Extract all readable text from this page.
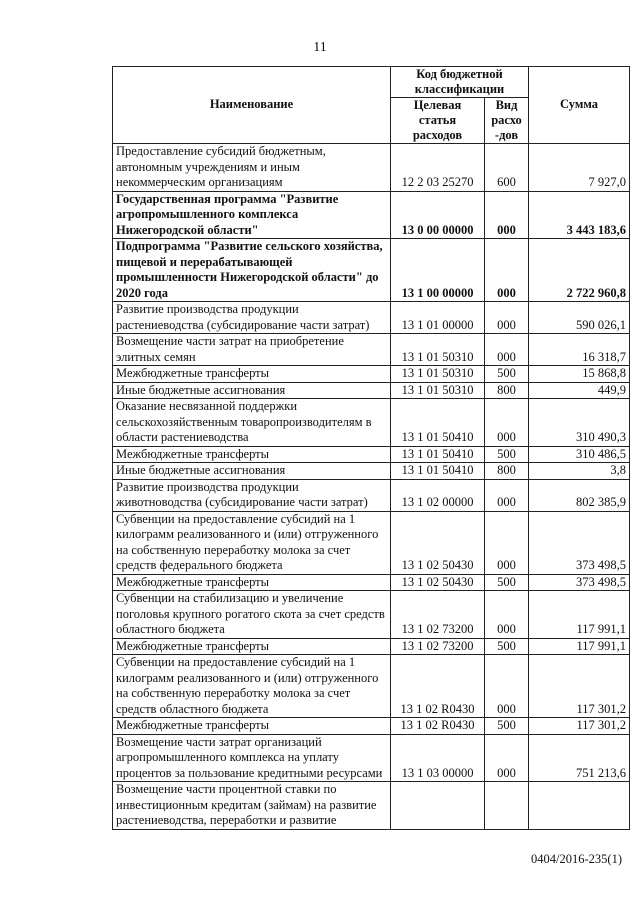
11
Наименование	Код бюджетной классификации		Сумма
	Целевая статья расходов	Вид расхо -дов	
Предоставление субсидий бюджетным, автономным учреждениям и иным некоммерческим организациям	12 2 03 25270	600	7 927,0
Государственная программа "Развитие агропромышленного комплекса Нижегородской области"	13 0 00 00000	000	3 443 183,6
Подпрограмма "Развитие сельского хозяйства, пищевой и перерабатывающей промышленности Нижегородской области" до 2020 года	13 1 00 00000	000	2 722 960,8
Развитие производства продукции растениеводства (субсидирование части затрат)	13 1 01 00000	000	590 026,1
Возмещение части затрат на приобретение элитных семян	13 1 01 50310	000	16 318,7
Межбюджетные трансферты	13 1 01 50310	500	15 868,8
Иные бюджетные ассигнования	13 1 01 50310	800	449,9
Оказание несвязанной поддержки сельскохозяйственным товаропроизводителям в области растениеводства	13 1 01 50410	000	310 490,3
Межбюджетные трансферты	13 1 01 50410	500	310 486,5
Иные бюджетные ассигнования	13 1 01 50410	800	3,8
Развитие производства продукции животноводства (субсидирование части затрат)	13 1 02 00000	000	802 385,9
Субвенции на предоставление субсидий на 1 килограмм реализованного и (или) отгруженного на собственную переработку молока за счет средств федерального бюджета	13 1 02 50430	000	373 498,5
Межбюджетные трансферты	13 1 02 50430	500	373 498,5
Субвенции на стабилизацию и увеличение поголовья крупного рогатого скота за счет средств областного бюджета	13 1 02 73200	000	117 991,1
Межбюджетные трансферты	13 1 02 73200	500	117 991,1
Субвенции на предоставление субсидий на 1 килограмм реализованного и (или) отгруженного на собственную переработку молока за счет средств областного бюджета	13 1 02 R0430	000	117 301,2
Межбюджетные трансферты	13 1 02 R0430	500	117 301,2
Возмещение части затрат организаций агропромышленного комплекса на уплату процентов за пользование кредитными ресурсами	13 1 03 00000	000	751 213,6
Возмещение части процентной ставки по инвестиционным кредитам (займам) на развитие растениеводства, переработки и развитие			
0404/2016-235(1)
